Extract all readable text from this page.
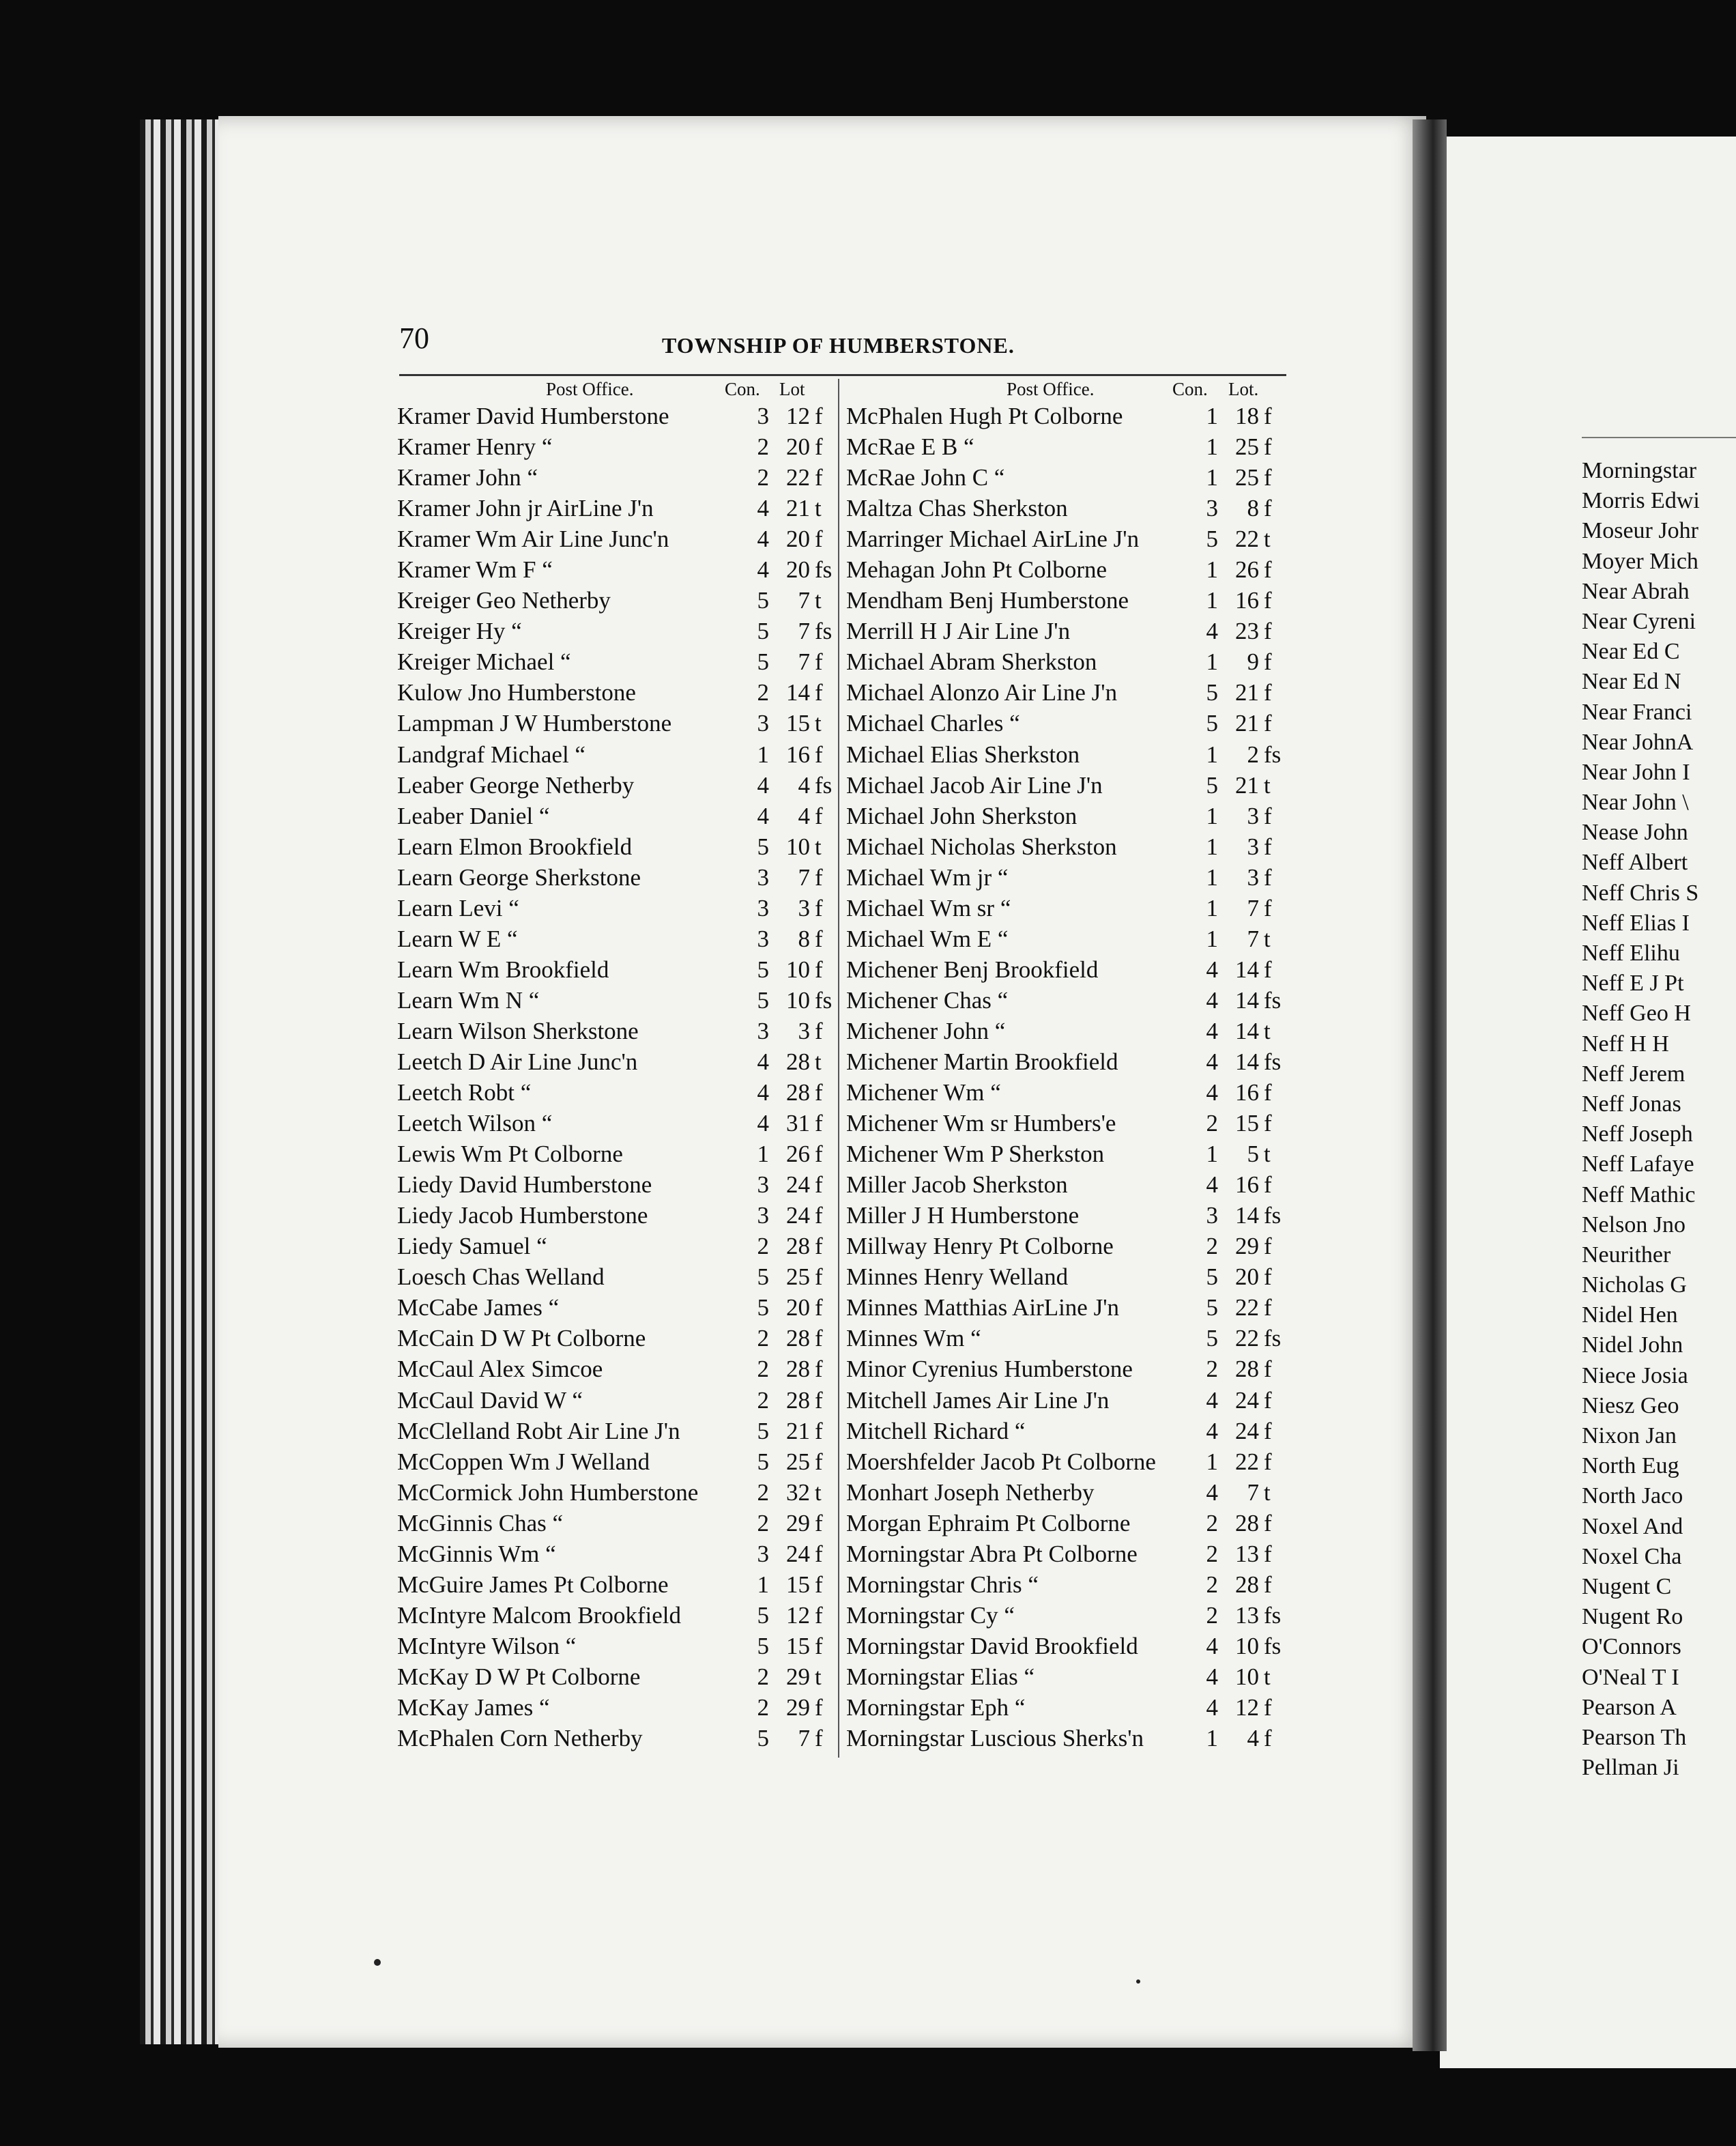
70	TOWNSHIP OF HUMBERSTONE.
Post Office.	Con. Lot
Kramer David Humberstone	3 12 f
Kramer Henry “	2 20 f
Kramer John “	2 22 f
Kramer John jr AirLine J'n	4 21 t
Kramer Wm Air Line Junc'n	4 20 f
Kramer Wm F “	4 20 fs
Kreiger Geo Netherby	5	7 t
Kreiger Hy “	5	7 fs
Kreiger Michael “	5	7 f
Kulow Jno Humberstone	2 14 f
Lampman J W Humberstone	3 15 t
Landgraf Michael “	1 16 f
Leaber George Netherby	4	4 fs
Leaber Daniel “	4	4 f
Learn Elmon Brookfield	5 10 t
Learn George Sherkstone	3	7 f
Learn Levi “	3	3 f
Learn W E “	3	8 f
Learn Wm Brookfield	5 10 f
Learn Wm N “	5 10 fs
Learn Wilson Sherkstone	3	3 f
Leetch D Air Line Junc'n	4 28 t
Leetch Robt “	4 28 f
Leetch Wilson “	4 31 f
Lewis Wm Pt Colborne	1 26 f
Liedy David Humberstone	3 24 f
Liedy Jacob Humberstone	3 24 f
Liedy Samuel “	2 28 f
Loesch Chas Welland	5 25 f
McCabe James “	5 20 f
McCain D W Pt Colborne	2 28 f
McCaul Alex Simcoe	2 28 f
McCaul David W “	2 28 f
McClelland Robt Air Line J'n	5 21 f
McCoppen Wm J Welland	5 25 f
McCormick John Humberstone	2 32 t
McGinnis Chas “	2 29 f
McGinnis Wm “	3 24 f
McGuire James Pt Colborne	1 15 f
McIntyre Malcom Brookfield	5 12 f
McIntyre Wilson “	5 15 f
McKay D W Pt Colborne	2 29 t
McKay James “	2 29 f
McPhalen Corn Netherby	5	7 f
Post Office.	Con. Lot.
McPhalen Hugh Pt Colborne	1 18 f
McRae E B “	1 25 f
McRae John C “	1 25 f
Maltza Chas Sherkston	3	8 f
Marringer Michael AirLine J'n	5 22 t
Mehagan John Pt Colborne	1 26 f
Mendham Benj Humberstone	1 16 f
Merrill H J Air Line J'n	4 23 f
Michael Abram Sherkston	1	9 f
Michael Alonzo Air Line J'n	5 21 f
Michael Charles “	5 21 f
Michael Elias Sherkston	1	2 fs
Michael Jacob Air Line J'n	5 21 t
Michael John Sherkston	1	3 f
Michael Nicholas Sherkston	1	3 f
Michael Wm jr “	1	3 f
Michael Wm sr “	1	7 f
Michael Wm E “	1	7 t
Michener Benj Brookfield	4 14 f
Michener Chas “	4 14 fs
Michener John “	4 14 t
Michener Martin Brookfield	4 14 fs
Michener Wm “	4 16 f
Michener Wm sr Humbers'e	2 15 f
Michener Wm P Sherkston	1	5 t
Miller Jacob Sherkston	4 16 f
Miller J H Humberstone	3 14 fs
Millway Henry Pt Colborne	2 29 f
Minnes Henry Welland	5 20 f
Minnes Matthias AirLine J'n	5 22 f
Minnes Wm “	5 22 fs
Minor Cyrenius Humberstone	2 28 f
Mitchell James Air Line J'n	4 24 f
Mitchell Richard “	4 24 f
Moershfelder Jacob Pt Colborne	1 22 f
Monhart Joseph Netherby	4	7 t
Morgan Ephraim Pt Colborne	2 28 f
Morningstar Abra Pt Colborne	2 13 f
Morningstar Chris “	2 28 f
Morningstar Cy “	2 13 fs
Morningstar David Brookfield	4 10 fs
Morningstar Elias “	4 10 t
Morningstar Eph “	4 12 f
Morningstar Luscious Sherks'n	1	4 f
Morningstar
Morris Edwi
Moseur Johr
Moyer Mich
Near Abrah
Near Cyreni
Near Ed C
Near Ed N
Near Franci
Near JohnA
Near John I
Near John \
Nease John
Neff Albert
Neff Chris S
Neff Elias I
Neff Elihu
Neff E J Pt
Neff Geo H
Neff H H
Neff Jerem
Neff Jonas
Neff Joseph
Neff Lafaye
Neff Mathic
Nelson Jno
Neurither
Nicholas G
Nidel Hen
Nidel John
Niece Josia
Niesz Geo
Nixon Jan
North Eug
North Jaco
Noxel And
Noxel Cha
Nugent C
Nugent Ro
O'Connors
O'Neal T I
Pearson A
Pearson Th
Pellman Ji
